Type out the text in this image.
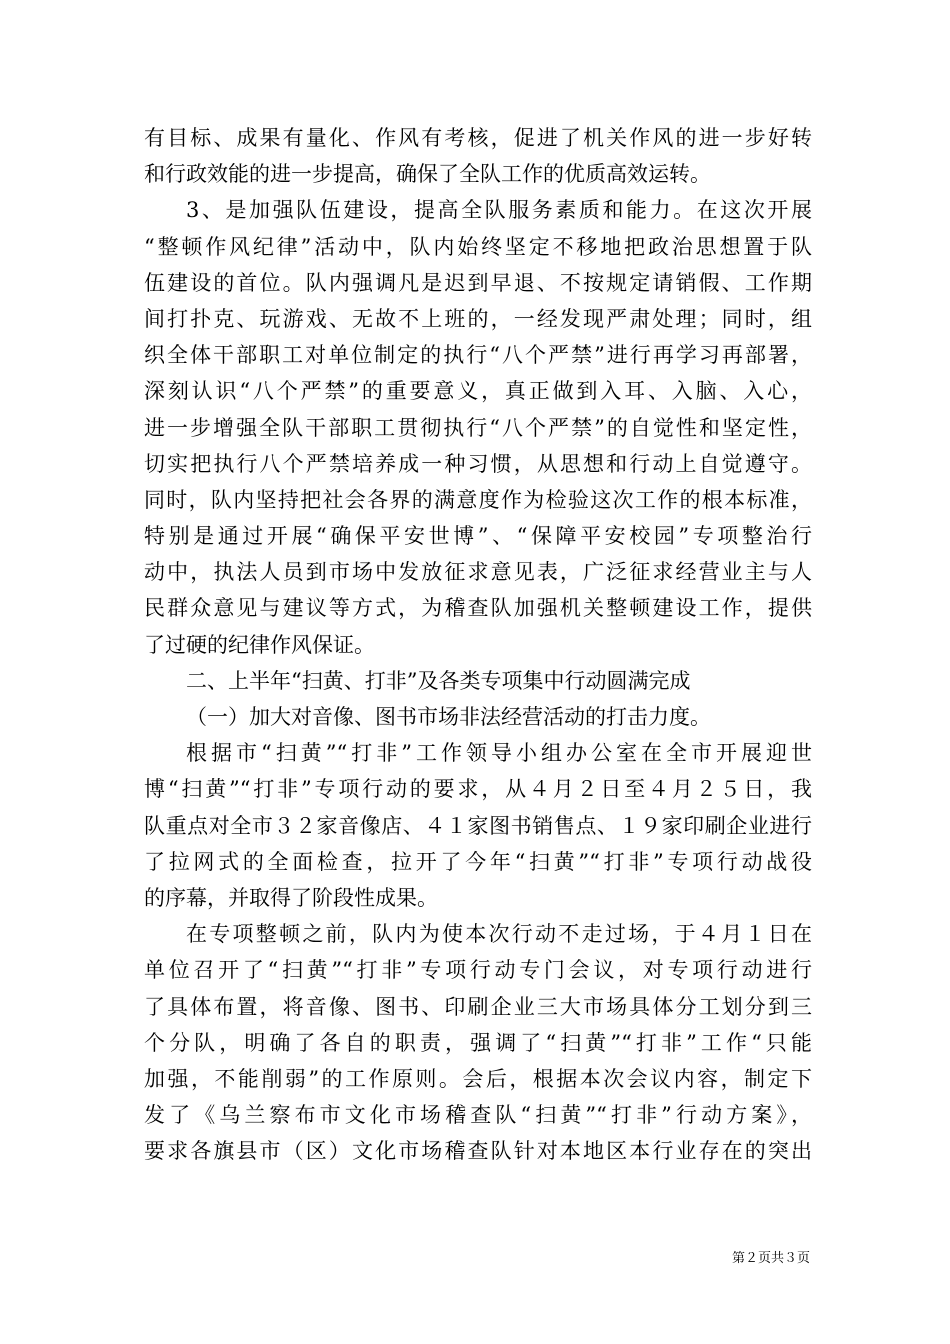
有目标、成果有量化、作风有考核，促进了机关作风的进一步好转
和行政效能的进一步提高，确保了全队工作的优质高效运转。
3、是加强队伍建设，提高全队服务素质和能力。在这次开展
“整顿作风纪律”活动中，队内始终坚定不移地把政治思想置于队
伍建设的首位。队内强调凡是迟到早退、不按规定请销假、工作期
间打扑克、玩游戏、无故不上班的，一经发现严肃处理；同时，组
织全体干部职工对单位制定的执行“八个严禁”进行再学习再部署，
深刻认识“八个严禁”的重要意义，真正做到入耳、入脑、入心，
进一步增强全队干部职工贯彻执行“八个严禁”的自觉性和坚定性，
切实把执行八个严禁培养成一种习惯，从思想和行动上自觉遵守。
同时，队内坚持把社会各界的满意度作为检验这次工作的根本标准，
特别是通过开展“确保平安世博”、“保障平安校园”专项整治行
动中，执法人员到市场中发放征求意见表，广泛征求经营业主与人
民群众意见与建议等方式，为稽查队加强机关整顿建设工作，提供
了过硬的纪律作风保证。
二、上半年“扫黄、打非”及各类专项集中行动圆满完成
（一）加大对音像、图书市场非法经营活动的打击力度。
根据市“扫黄”“打非”工作领导小组办公室在全市开展迎世
博“扫黄”“打非”专项行动的要求，从４月２日至４月２５日，我
队重点对全市３２家音像店、４１家图书销售点、１９家印刷企业进行
了拉网式的全面检查，拉开了今年“扫黄”“打非”专项行动战役
的序幕，并取得了阶段性成果。
在专项整顿之前，队内为使本次行动不走过场，于４月１日在
单位召开了“扫黄”“打非”专项行动专门会议，对专项行动进行
了具体布置，将音像、图书、印刷企业三大市场具体分工划分到三
个分队，明确了各自的职责，强调了“扫黄”“打非”工作“只能
加强，不能削弱”的工作原则。会后，根据本次会议内容，制定下
发了《乌兰察布市文化市场稽查队“扫黄”“打非”行动方案》，
要求各旗县市（区）文化市场稽查队针对本地区本行业存在的突出
第２页共３页
